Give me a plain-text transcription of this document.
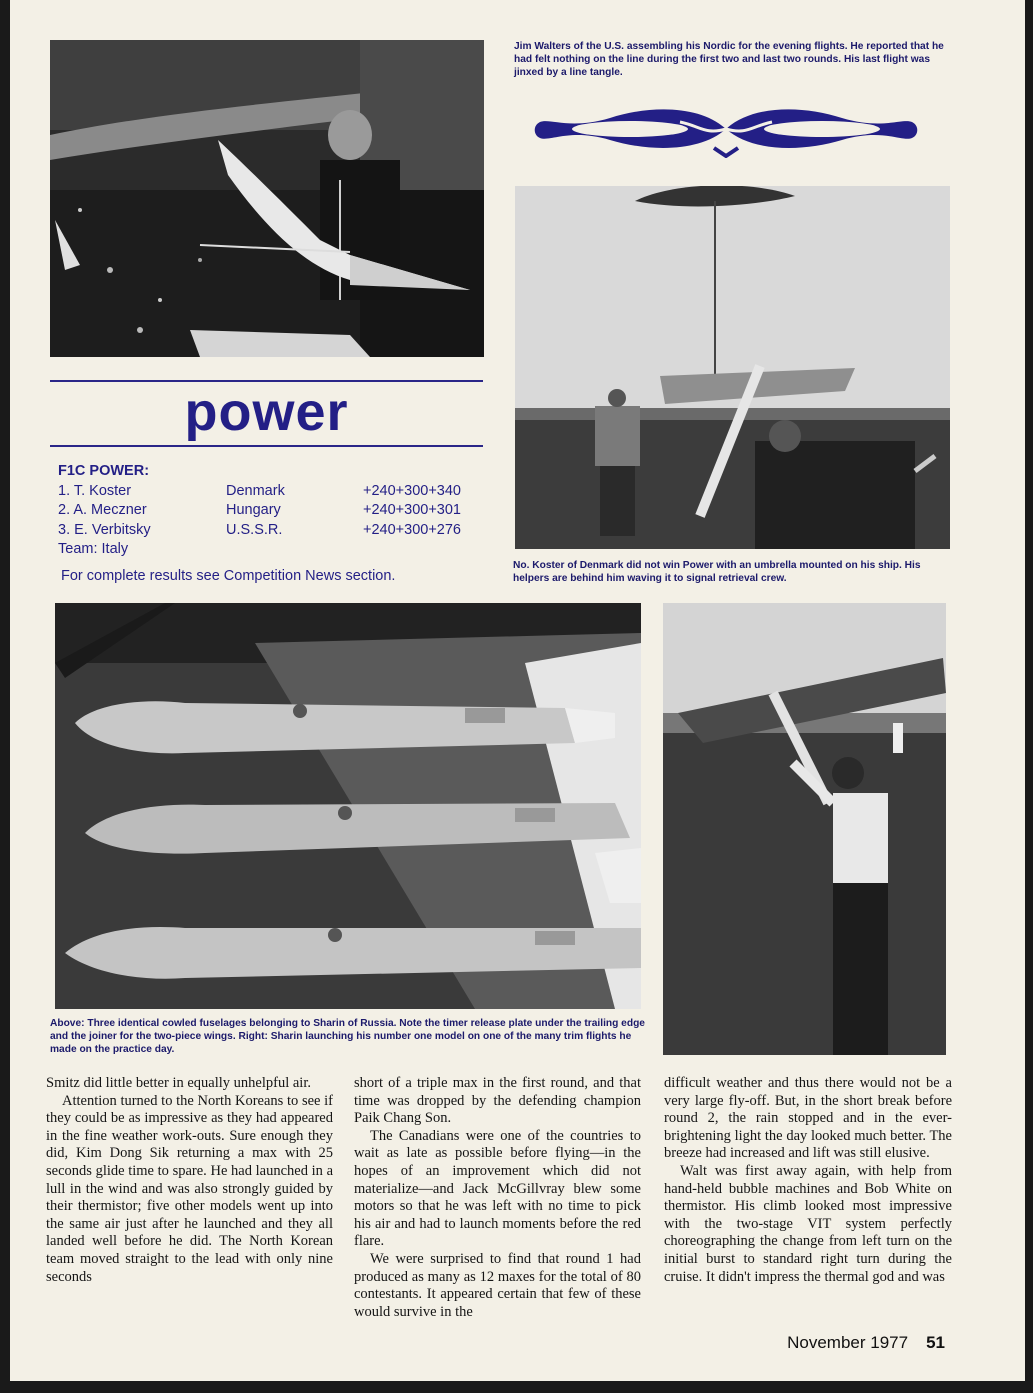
Jim Walters of the U.S. assembling his Nordic for the evening flights. He reported that he had felt nothing on the line during the first two and last two rounds. His last flight was jinxed by a line tangle.
No. Koster of Denmark did not win Power with an umbrella mounted on his ship. His helpers are behind him waving it to signal retrieval crew.
power
F1C POWER:
1. T. Koster	Denmark	+240+300+340
2. A. Meczner	Hungary	+240+300+301
3. E. Verbitsky	U.S.S.R.	+240+300+276
Team: Italy
For complete results see Competition News section.
Above: Three identical cowled fuselages belonging to Sharin of Russia. Note the timer release plate under the trailing edge and the joiner for the two-piece wings. Right: Sharin launching his number one model on one of the many trim flights he made on the practice day.

Smitz did little better in equally unhelpful air.

Attention turned to the North Koreans to see if they could be as impressive as they had appeared in the fine weather work-outs. Sure enough they did, Kim Dong Sik returning a max with 25 seconds glide time to spare. He had launched in a lull in the wind and was also strongly guided by their thermistor; five other models went up into the same air just after he launched and they all landed well before he did. The North Korean team moved straight to the lead with only nine seconds

short of a triple max in the first round, and that time was dropped by the defending champion Paik Chang Son.

The Canadians were one of the countries to wait as late as possible before flying—in the hopes of an improvement which did not materialize—and Jack McGillvray blew some motors so that he was left with no time to pick his air and had to launch moments before the red flare.

We were surprised to find that round 1 had produced as many as 12 maxes for the total of 80 contestants. It appeared certain that few of these would survive in the

difficult weather and thus there would not be a very large fly-off. But, in the short break before round 2, the rain stopped and in the ever-brightening light the day looked much better. The breeze had increased and lift was still elusive.

Walt was first away again, with help from hand-held bubble machines and Bob White on thermistor. His climb looked most impressive with the two-stage VIT system perfectly choreographing the change from left turn on the initial burst to standard right turn during the cruise. It didn't impress the thermal god and was

November 1977 51
